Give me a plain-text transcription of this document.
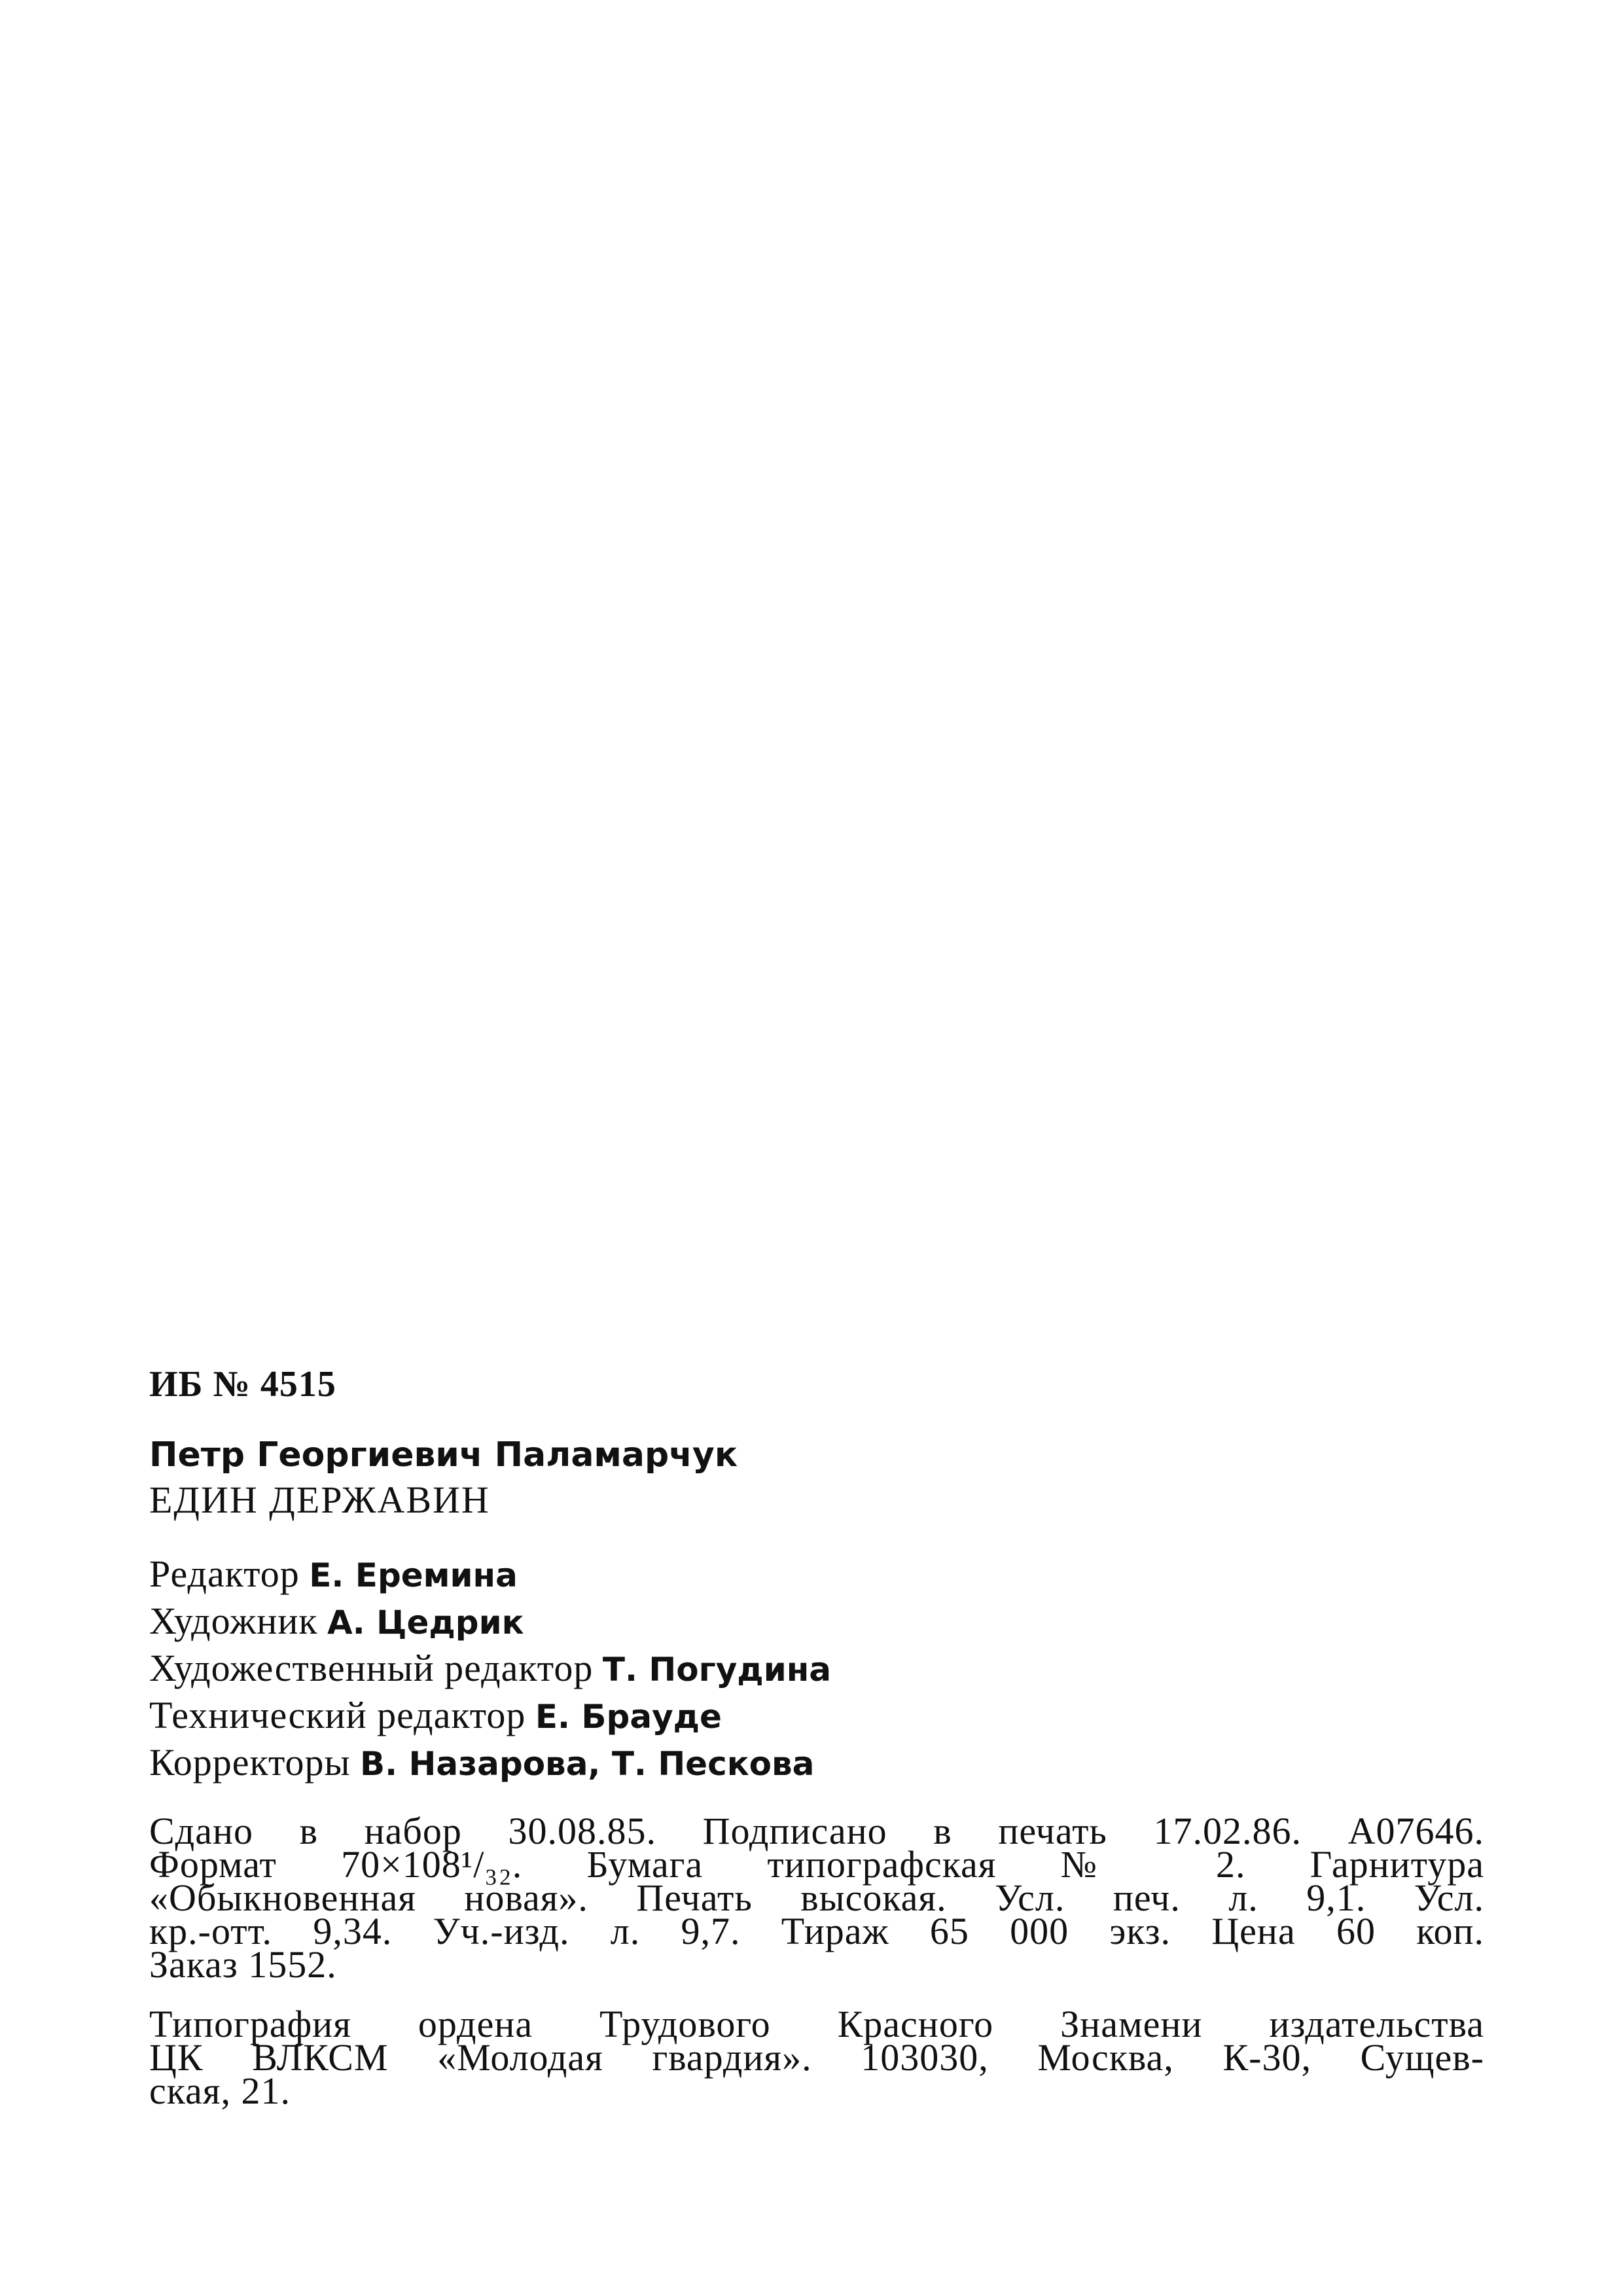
ИБ № 4515

Петр Георгиевич Паламарчук
ЕДИН ДЕРЖАВИН
Редактор Е. Еремина
Художник А. Цедрик
Художественный редактор Т. Погудина
Технический редактор Е. Брауде
Корректоры В. Назарова, Т. Пескова
Сдано в набор 30.08.85. Подписано в печать 17.02.86. А07646.
Формат 70×108¹/₃₂. Бумага типографская № 2. Гарнитура
«Обыкновенная новая». Печать высокая. Усл. печ. л. 9,1. Усл.
кр.-отт. 9,34. Уч.-изд. л. 9,7. Тираж 65 000 экз. Цена 60 коп.
Заказ 1552.
Типография ордена Трудового Красного Знамени издательства
ЦК ВЛКСМ «Молодая гвардия». 103030, Москва, К-30, Сущев-
ская, 21.
